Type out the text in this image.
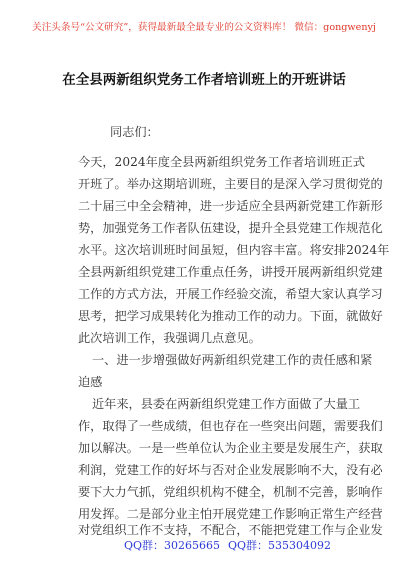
关注头条号“公文研究”，获得最新最全最专业的公文资料库！ 微信：gongwenyj
在全县两新组织党务工作者培训班上的开班讲话
同志们：
今天，2024年度全县两新组织党务工作者培训班正式
开班了。举办这期培训班，主要目的是深入学习贯彻党的
二十届三中全会精神，进一步适应全县两新党建工作新形
势，加强党务工作者队伍建设，提升全县党建工作规范化
水平。这次培训班时间虽短，但内容丰富。将安排2024年
全县两新组织党建工作重点任务，讲授开展两新组织党建
工作的方式方法，开展工作经验交流，希望大家认真学习
思考，把学习成果转化为推动工作的动力。下面，就做好
此次培训工作，我强调几点意见。
一、进一步增强做好两新组织党建工作的责任感和紧
迫感
近年来，县委在两新组织党建工作方面做了大量工
作，取得了一些成绩，但也存在一些突出问题，需要我们
加以解决。一是一些单位认为企业主要是发展生产，获取
利润，党建工作的好坏与否对企业发展影响不大，没有必
要下大力气抓，党组织机构不健全，机制不完善，影响作
用发挥。二是部分业主怕开展党建工作影响正常生产经营
对党组织工作不支持，不配合，不能把党建工作与企业发
QQ群：30265665 QQ群：535304092
